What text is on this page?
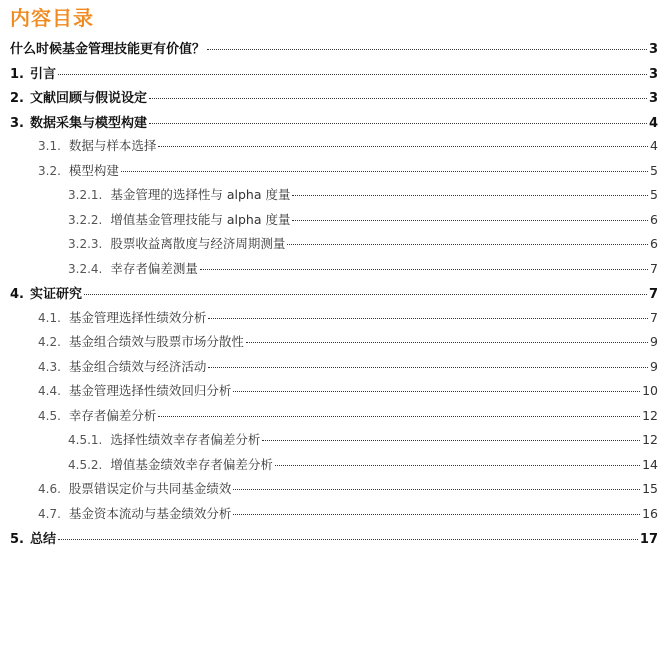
内容目录
什么时候基金管理技能更有价值？	3
1. 引言	3
2. 文献回顾与假说设定	3
3. 数据采集与模型构建	4
3.1. 数据与样本选择	4
3.2. 模型构建	5
3.2.1. 基金管理的选择性与 alpha 度量	5
3.2.2. 增值基金管理技能与 alpha 度量	6
3.2.3. 股票收益离散度与经济周期测量	6
3.2.4. 幸存者偏差测量	7
4. 实证研究	7
4.1. 基金管理选择性绩效分析	7
4.2. 基金组合绩效与股票市场分散性	9
4.3. 基金组合绩效与经济活动	9
4.4. 基金管理选择性绩效回归分析	10
4.5. 幸存者偏差分析	12
4.5.1. 选择性绩效幸存者偏差分析	12
4.5.2. 增值基金绩效幸存者偏差分析	14
4.6. 股票错误定价与共同基金绩效	15
4.7. 基金资本流动与基金绩效分析	16
5. 总结	17
